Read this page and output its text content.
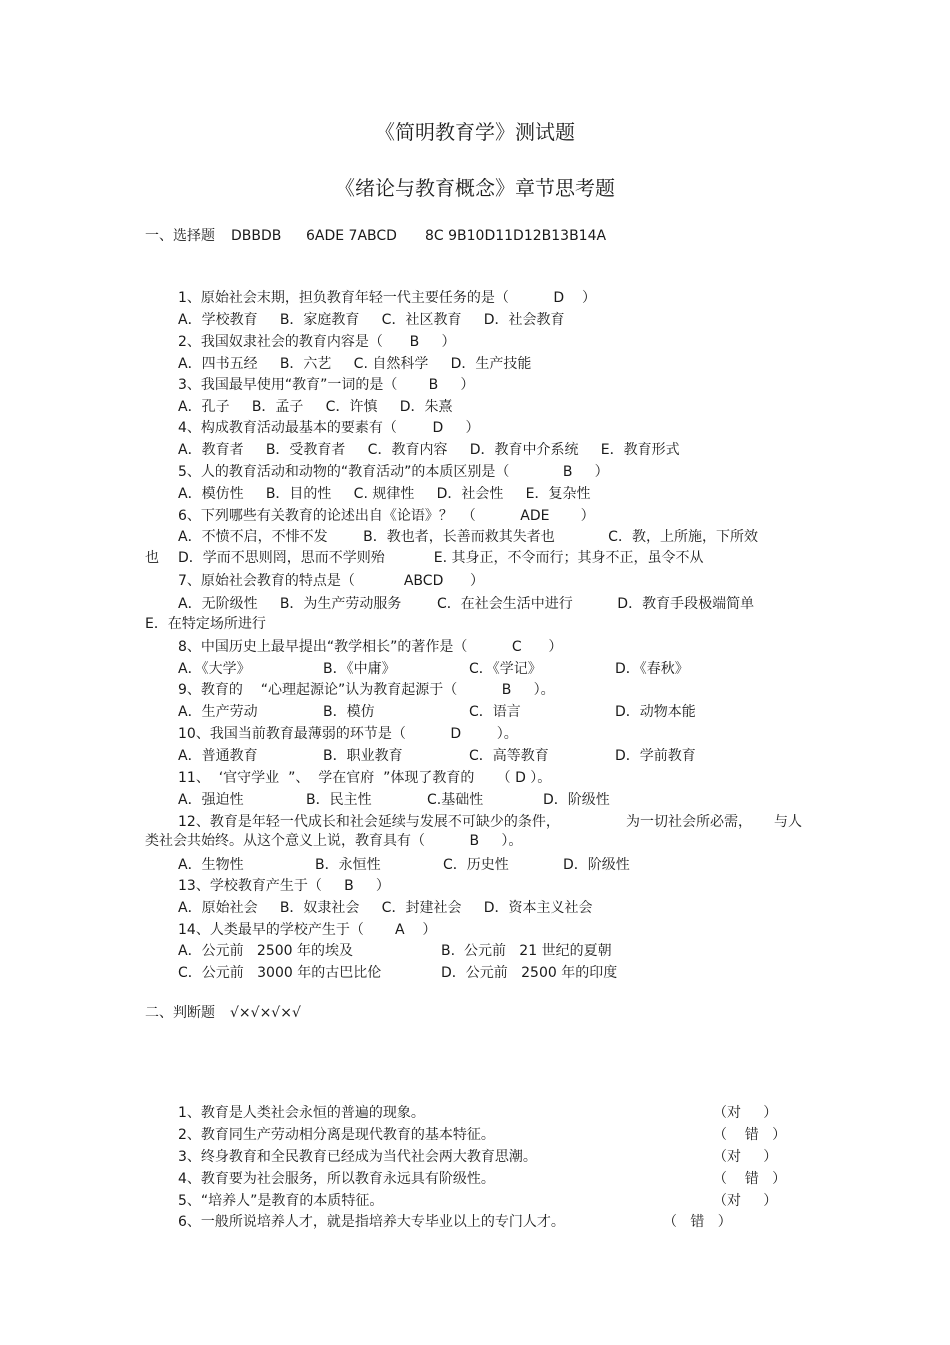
《简明教育学》测试题
《绪论与教育概念》章节思考题
一、选择题 DBBDB 6ADE 7ABCD 8C 9B10D11D12B13B14A
1、原始社会末期，担负教育年轻一代主要任务的是（          D    ）
A．学校教育     B．家庭教育     C．社区教育     D．社会教育
2、我国奴隶社会的教育内容是（      B     ）
A．四书五经     B．六艺     C. 自然科学     D．生产技能
3、我国最早使用“教育”一词的是（       B     ）
A．孔子     B．孟子     C．许慎     D．朱熹
4、构成教育活动最基本的要素有（        D     ）
A．教育者     B．受教育者     C．教育内容     D．教育中介系统     E．教育形式
5、人的教育活动和动物的“教育活动”的本质区别是（            B     ）
A．模仿性     B．目的性     C. 规律性     D．社会性     E．复杂性
6、下列哪些有关教育的论述出自《论语》？  （          ADE       ）
A．不愤不启，不悱不发        B．教也者，长善而救其失者也            C．教，上所施，下所效
也 D．学而不思则罔，思而不学则殆           E. 其身正，不令而行；其身不正，虽令不从
7、原始社会教育的特点是（           ABCD      ）
A．无阶级性     B．为生产劳动服务        C．在社会生活中进行          D．教育手段极端简单
E．在特定场所进行
8、中国历史上最早提出“教学相长”的著作是（          C      ）
A．《大学》	B．《中庸》	C．《学记》	D．《春秋》
9、教育的    “心理起源论”认为教育起源于（          B     ）。
A．生产劳动	B．模仿	C．语言	D．动物本能
10、我国当前教育最薄弱的环节是（          D        ）。
A．普通教育	B．职业教育	C．高等教育	D．学前教育
11、  ‘官守学业  ”、  学在官府  ”体现了教育的     （ D ）。
A．强迫性	B．民主性	C.基础性	D．阶级性
12、教育是年轻一代成长和社会延续与发展不可缺少的条件，	为一切社会所必需， 与人
类社会共始终。从这个意义上说，教育具有（          B     ）。
A．生物性	B．永恒性	C．历史性	D．阶级性
13、学校教育产生于（     B     ）
A．原始社会     B．奴隶社会     C．封建社会     D．资本主义社会
14、人类最早的学校产生于（       A    ）
A．公元前   2500 年的埃及	B.  公元前   21 世纪的夏朝
C．公元前   3000 年的古巴比伦	D．公元前   2500 年的印度
二、判断题 √×√×√×√
1、教育是人类社会永恒的普遍的现象。	（对     ）
2、教育同生产劳动相分离是现代教育的基本特征。	（    错   ）
3、终身教育和全民教育已经成为当代社会两大教育思潮。	（对     ）
4、教育要为社会服务，所以教育永远具有阶级性。	（    错   ）
5、“培养人”是教育的本质特征。	（对     ）
6、一般所说培养人才，就是指培养大专毕业以上的专门人才。	（   错   ）
